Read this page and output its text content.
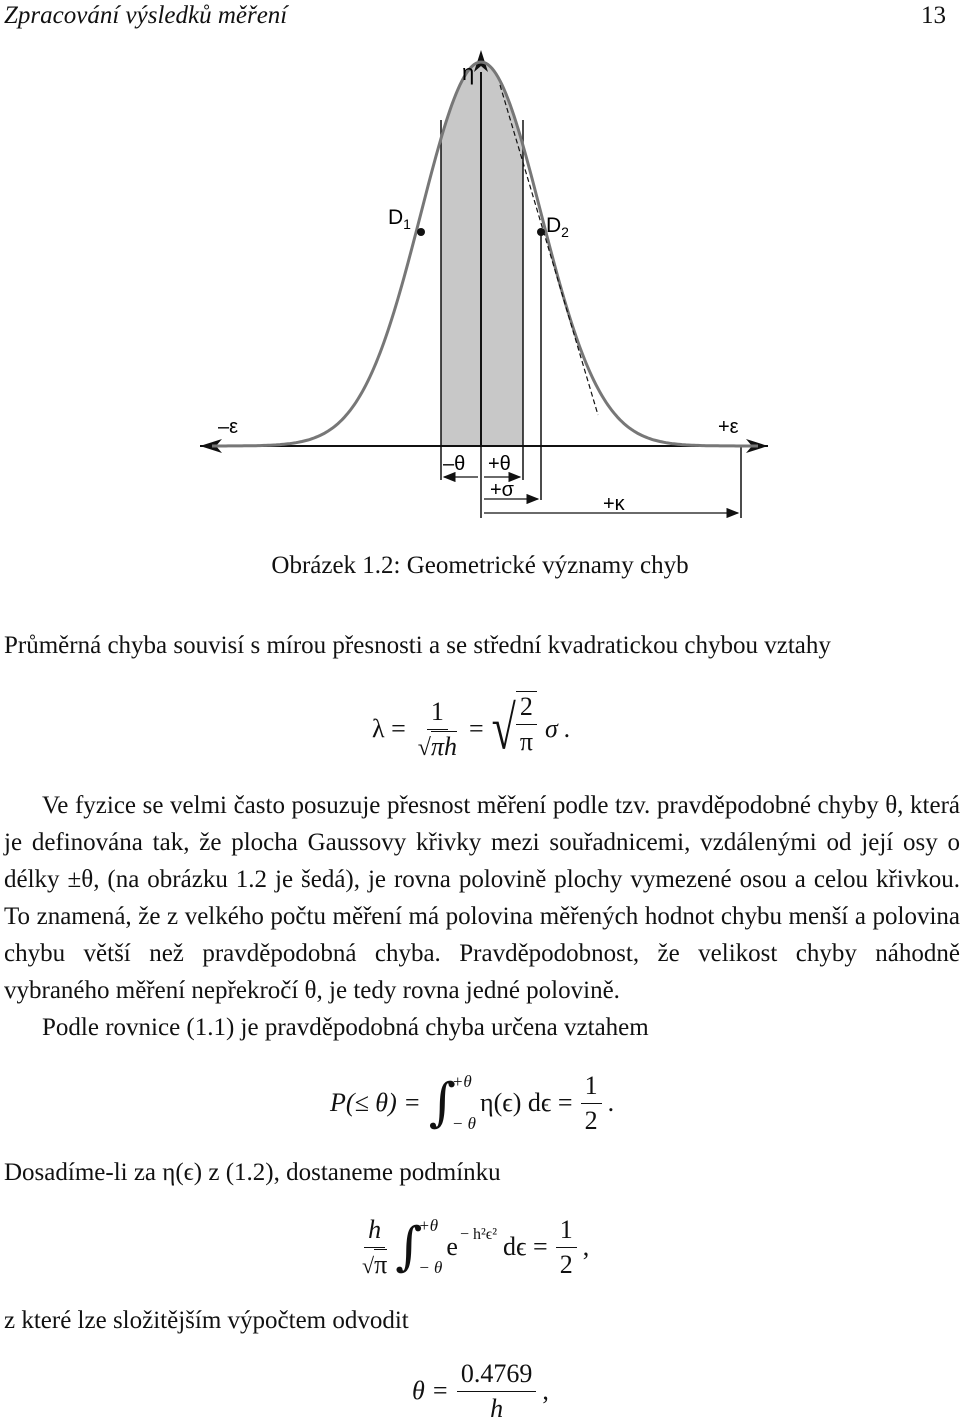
Zpracování výsledků měření	13
η
$D_1$	$D_2$
–ε	+ε
–θ +θ
+σ
+κ
Obrázek 1.2: Geometrické významy chyb
Průměrná chyba souvisí s mírou přesnosti a se střední kvadratickou chybou vztahy
$\lambda = \frac{1}{√\pi h}$ = √ $\frac{2}{\pi}$ σ .

Ve fyzice se velmi často posuzuje přesnost měření podle tzv. pravděpodobné chyby θ, která je definována tak, že plocha Gaussovy křivky mezi souřadnicemi, vzdálenými od její osy o délky ±θ, (na obrázku 1.2 je šedá), je rovna polovině plochy vymezené osou a celou křivkou. To znamená, že z velkého počtu měření má polovina měřených hodnot chybu menší a polovina chybu větší než pravděpodobná chyba. Pravděpodobnost, že velikost chyby náhodně vybraného měření nepřekročí θ, je tedy rovna jedné polovině.

Podle rovnice (1.1) je pravděpodobná chyba určena vztahem

P(≤ θ) = ∫
+θ
− θ
η(ϵ) $d\epsilon = \frac{1}{2}$ .
Dosadíme-li za η(ϵ) z (1.2), dostaneme podmínku
$\frac{h}{√\pi}$ ∫
+θ
− θ
e − h²ϵ² $d\epsilon = \frac{1}{2}$ ,
z které lze složitějším výpočtem odvodit
$\theta = \frac{0.4769}{h}$ ,
